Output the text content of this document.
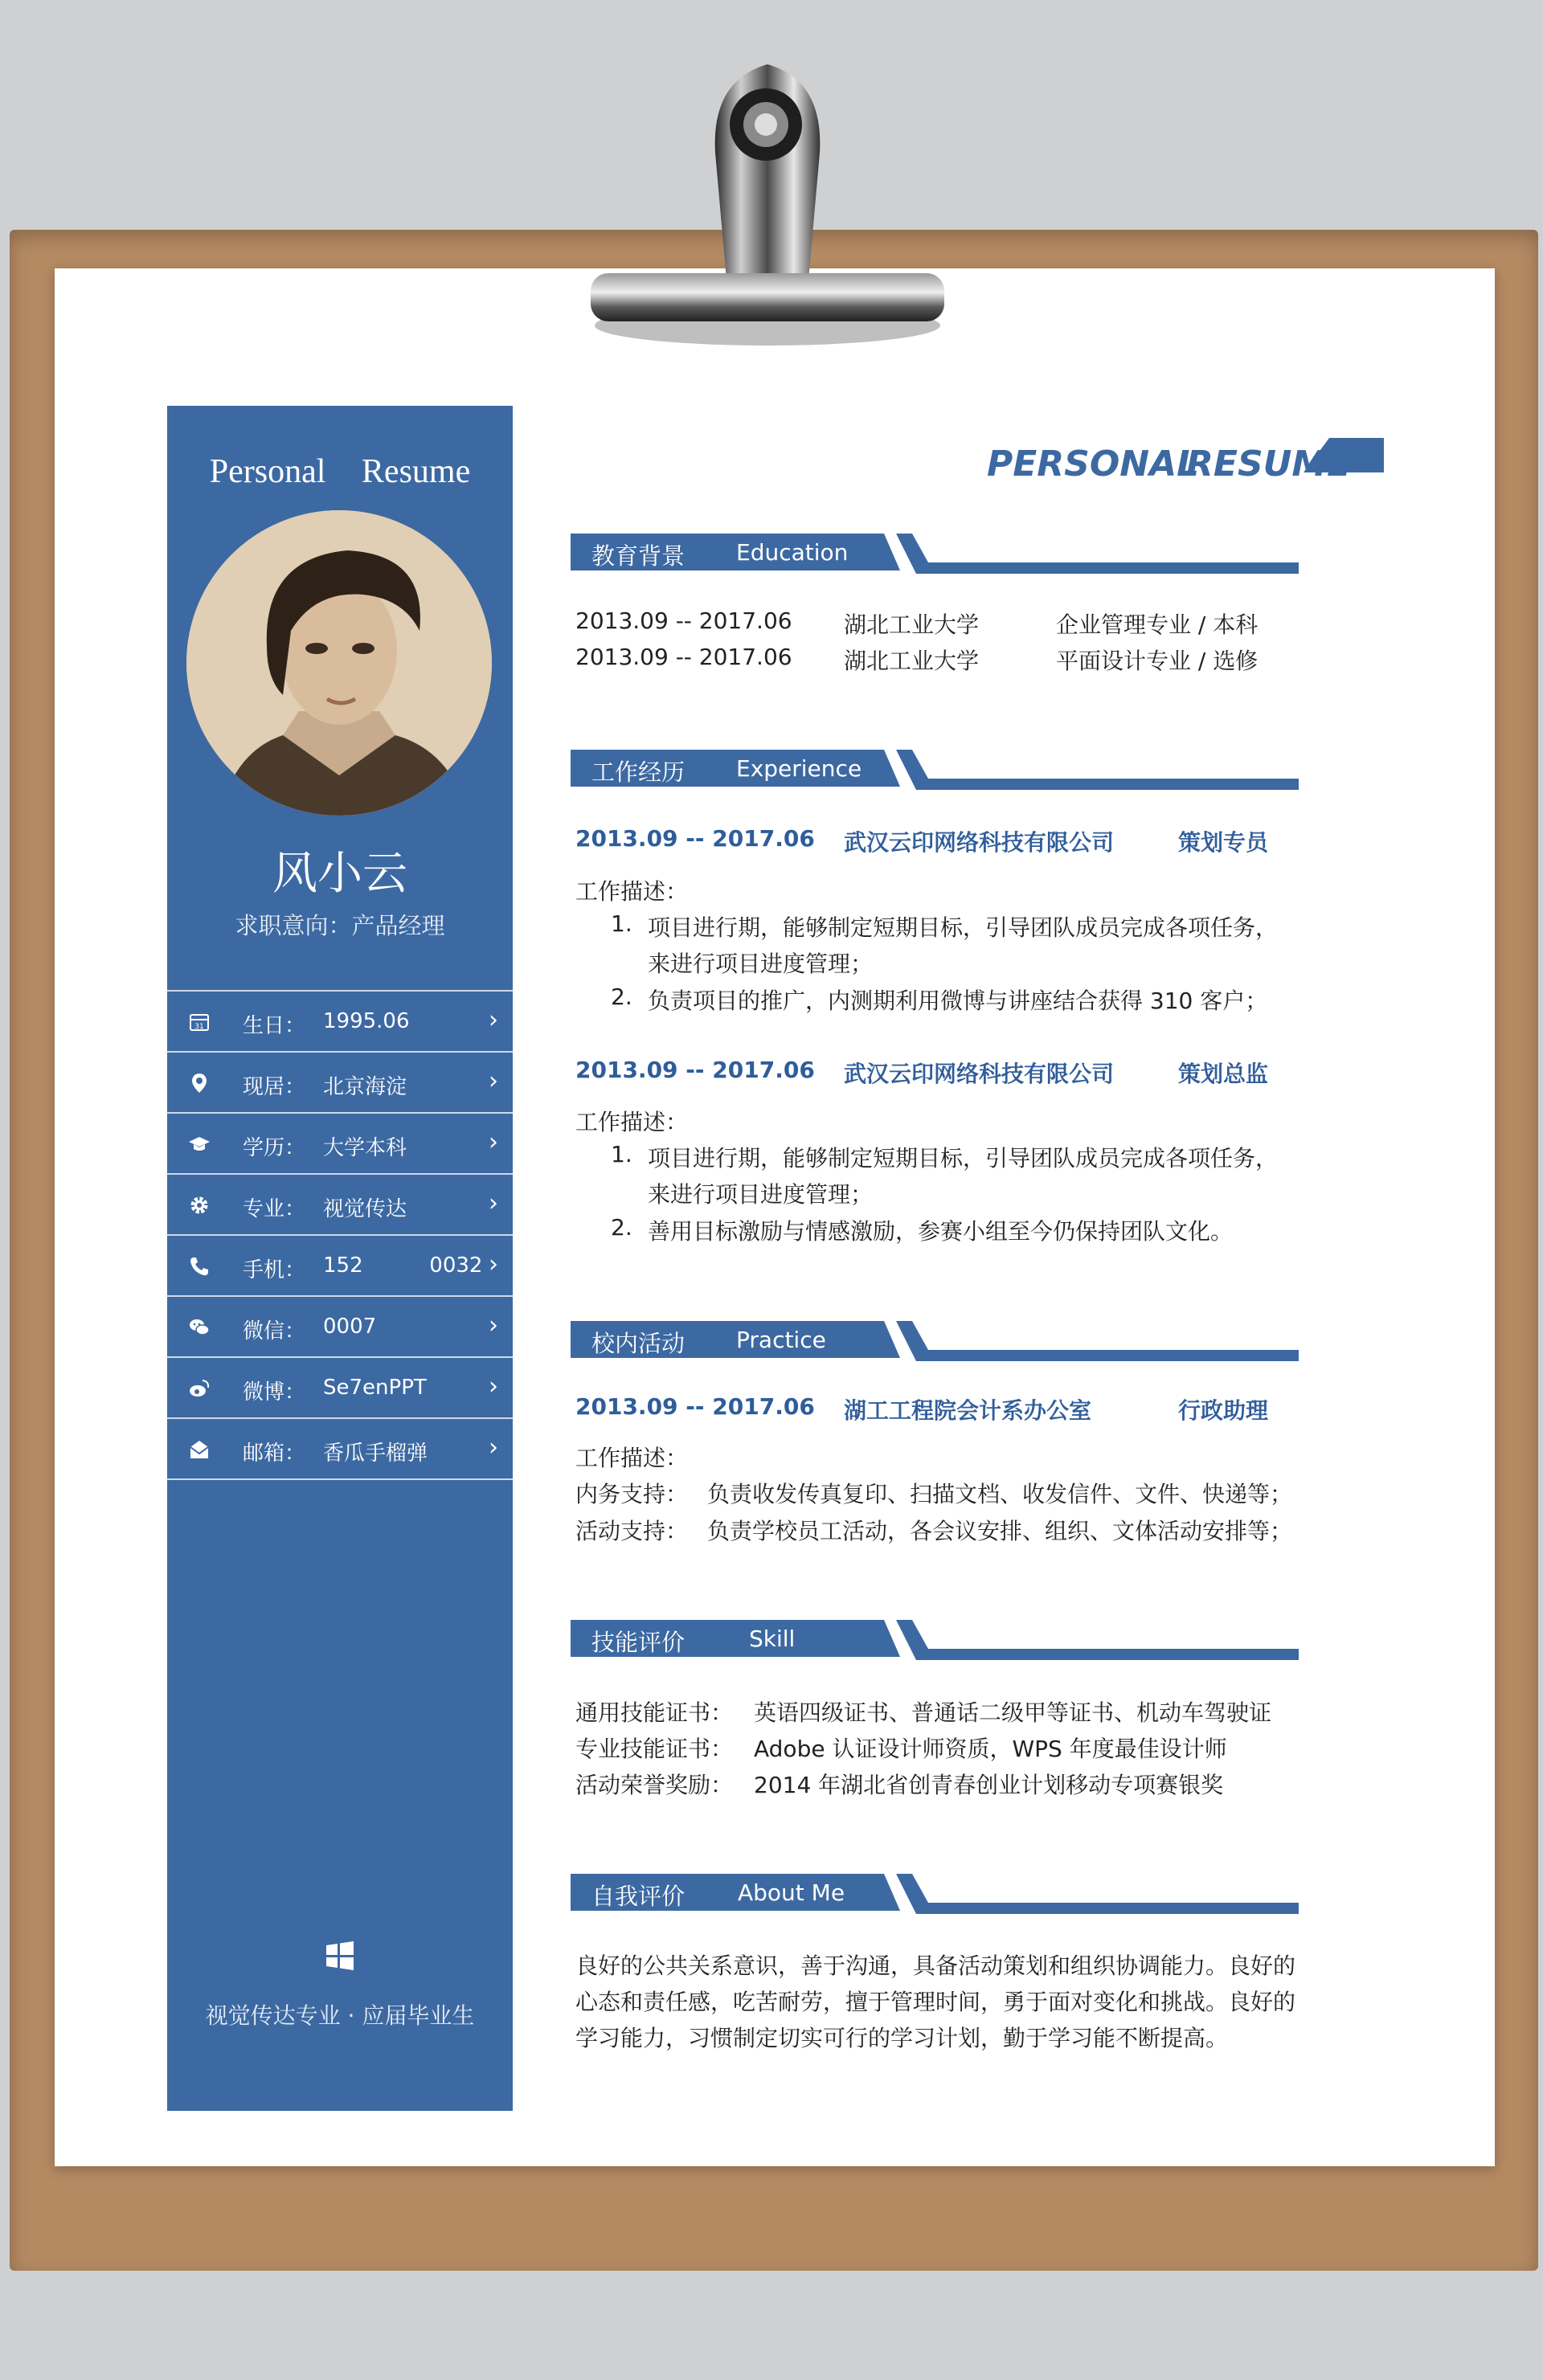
Personal Resume
风小云
求职意向：产品经理
31 生日： 1995.06	›
现居： 北京海淀	›
学历： 大学本科	›
专业： 视觉传达	›
手机： 152          0032 ›
微信： 0007	›
微博： Se7enPPT	›
邮箱： 香瓜手榴弹	›
视觉传达专业 · 应届毕业生
PERSONAL
RESUME
教育背景 Education
2013.09 -- 2017.06 湖北工业大学	企业管理专业 / 本科
2013.09 -- 2017.06 湖北工业大学	平面设计专业 / 选修
工作经历 Experience
2013.09 -- 2017.06 武汉云印网络科技有限公司	策划专员
工作描述：
1. 项目进行期，能够制定短期目标，引导团队成员完成各项任务，
来进行项目进度管理；
2. 负责项目的推广，内测期利用微博与讲座结合获得 310 客户；
2013.09 -- 2017.06 武汉云印网络科技有限公司	策划总监
工作描述：
1. 项目进行期，能够制定短期目标，引导团队成员完成各项任务，
来进行项目进度管理；
2. 善用目标激励与情感激励，参赛小组至今仍保持团队文化。
校内活动 Practice
2013.09 -- 2017.06 湖工工程院会计系办公室	行政助理
工作描述：
内务支持： 负责收发传真复印、扫描文档、收发信件、文件、快递等；
活动支持： 负责学校员工活动，各会议安排、组织、文体活动安排等；
技能评价	Skill
通用技能证书： 英语四级证书、普通话二级甲等证书、机动车驾驶证
专业技能证书： Adobe 认证设计师资质，WPS 年度最佳设计师
活动荣誉奖励： 2014 年湖北省创青春创业计划移动专项赛银奖
自我评价 About Me
良好的公共关系意识，善于沟通，具备活动策划和组织协调能力。良好的
心态和责任感，吃苦耐劳，擅于管理时间，勇于面对变化和挑战。良好的
学习能力，习惯制定切实可行的学习计划，勤于学习能不断提高。
